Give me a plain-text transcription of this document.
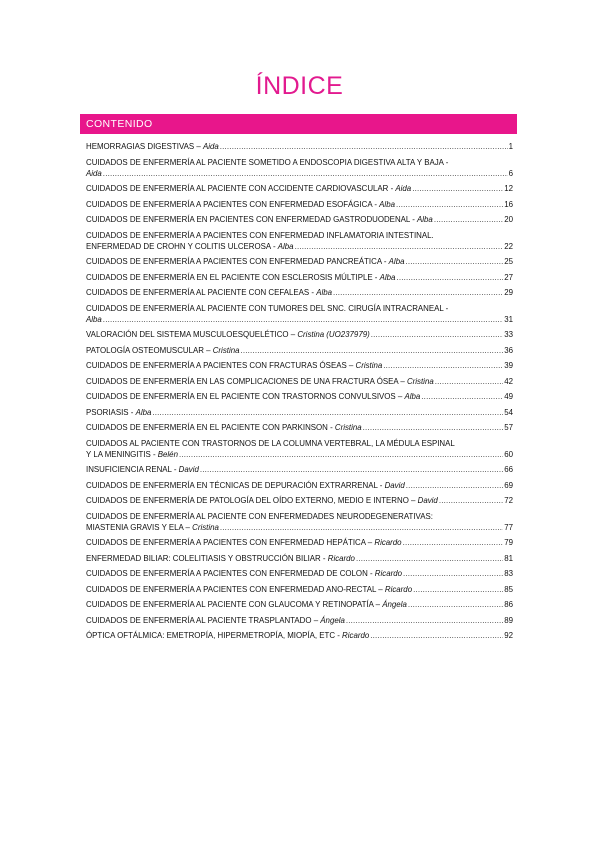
ÍNDICE
CONTENIDO
HEMORRAGIAS DIGESTIVAS – Aida .....	1
CUIDADOS DE ENFERMERÍA AL PACIENTE SOMETIDO A ENDOSCOPIA DIGESTIVA ALTA Y BAJA -
Aida .....	6
CUIDADOS DE ENFERMERÍA AL PACIENTE CON ACCIDENTE CARDIOVASCULAR - Aida .....	12
CUIDADOS DE ENFERMERÍA A PACIENTES CON ENFERMEDAD ESOFÁGICA - Alba .....	16
CUIDADOS DE ENFERMERÍA EN PACIENTES CON ENFERMEDAD GASTRODUODENAL - Alba .....	20
CUIDADOS DE ENFERMERÍA A PACIENTES CON ENFERMEDAD INFLAMATORIA INTESTINAL.
ENFERMEDAD DE CROHN Y COLITIS ULCEROSA - Alba .....	22
CUIDADOS DE ENFERMERÍA A PACIENTES CON ENFERMEDAD PANCREÁTICA - Alba .....	25
CUIDADOS DE ENFERMERÍA EN EL PACIENTE CON ESCLEROSIS MÚLTIPLE - Alba .....	27
CUIDADOS DE ENFERMERÍA AL PACIENTE CON CEFALEAS - Alba .....	29
CUIDADOS DE ENFERMERÍA AL PACIENTE CON TUMORES DEL SNC. CIRUGÍA INTRACRANEAL -
Alba .....	31
VALORACIÓN DEL SISTEMA MUSCULOESQUELÉTICO – Cristina (UO237979) .....	33
PATOLOGÍA OSTEOMUSCULAR – Cristina .....	36
CUIDADOS DE ENFERMERÍA A PACIENTES CON FRACTURAS ÓSEAS – Cristina .....	39
CUIDADOS DE ENFERMERÍA EN LAS COMPLICACIONES DE UNA FRACTURA ÓSEA – Cristina .....	42
CUIDADOS DE ENFERMERÍA EN EL PACIENTE CON TRASTORNOS CONVULSIVOS – Alba .....	49
PSORIASIS - Alba .....	54
CUIDADOS DE ENFERMERÍA EN EL PACIENTE CON PARKINSON - Cristina .....	57
CUIDADOS AL PACIENTE CON TRASTORNOS DE LA COLUMNA VERTEBRAL, LA MÉDULA ESPINAL
Y LA MENINGITIS - Belén .....	60
INSUFICIENCIA RENAL - David .....	66
CUIDADOS DE ENFERMERÍA EN TÉCNICAS DE DEPURACIÓN EXTRARRENAL - David .....	69
CUIDADOS DE ENFERMERÍA DE PATOLOGÍA DEL OÍDO EXTERNO, MEDIO E INTERNO – David .....	72
CUIDADOS DE ENFERMERÍA AL PACIENTE CON ENFERMEDADES NEURODEGENERATIVAS:
MIASTENIA GRAVIS Y ELA – Cristina .....	77
CUIDADOS DE ENFERMERÍA A PACIENTES CON ENFERMEDAD HEPÁTICA – Ricardo .....	79
ENFERMEDAD BILIAR: COLELITIASIS Y OBSTRUCCIÓN BILIAR - Ricardo .....	81
CUIDADOS DE ENFERMERÍA A PACIENTES CON ENFERMEDAD DE COLON - Ricardo .....	83
CUIDADOS DE ENFERMERÍA A PACIENTES CON ENFERMEDAD ANO-RECTAL – Ricardo .....	85
CUIDADOS DE ENFERMERÍA AL PACIENTE CON GLAUCOMA Y RETINOPATÍA – Ángela .....	86
CUIDADOS DE ENFERMERÍA AL PACIENTE TRASPLANTADO – Ángela .....	89
ÓPTICA OFTÁLMICA: EMETROPÍA, HIPERMETROPÍA, MIOPÍA, ETC - Ricardo .....	92
